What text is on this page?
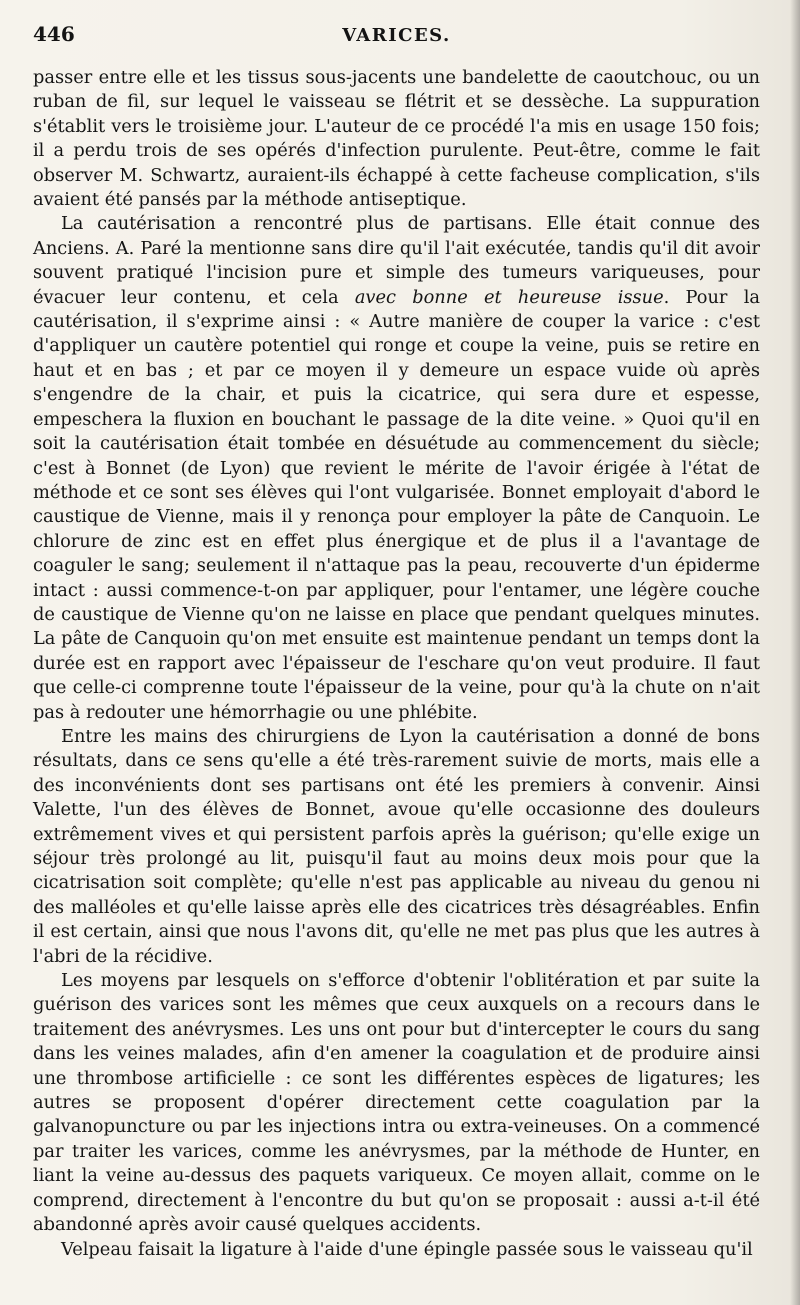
446	VARICES.

passer entre elle et les tissus sous-jacents une bandelette de caoutchouc, ou un ruban de fil, sur lequel le vaisseau se flétrit et se dessèche. La suppuration s'établit vers le troisième jour. L'auteur de ce procédé l'a mis en usage 150 fois; il a perdu trois de ses opérés d'infection purulente. Peut-être, comme le fait observer M. Schwartz, auraient-ils échappé à cette facheuse complication, s'ils avaient été pansés par la méthode antiseptique.

La cautérisation a rencontré plus de partisans. Elle était connue des Anciens. A. Paré la mentionne sans dire qu'il l'ait exécutée, tandis qu'il dit avoir souvent pratiqué l'incision pure et simple des tumeurs variqueuses, pour évacuer leur contenu, et cela avec bonne et heureuse issue. Pour la cautérisation, il s'exprime ainsi : « Autre manière de couper la varice : c'est d'appliquer un cautère potentiel qui ronge et coupe la veine, puis se retire en haut et en bas ; et par ce moyen il y demeure un espace vuide où après s'engendre de la chair, et puis la cicatrice, qui sera dure et espesse, empeschera la fluxion en bouchant le passage de la dite veine. » Quoi qu'il en soit la cautérisation était tombée en désuétude au commencement du siècle; c'est à Bonnet (de Lyon) que revient le mérite de l'avoir érigée à l'état de méthode et ce sont ses élèves qui l'ont vulgarisée. Bonnet employait d'abord le caustique de Vienne, mais il y renonça pour employer la pâte de Canquoin. Le chlorure de zinc est en effet plus énergique et de plus il a l'avantage de coaguler le sang; seulement il n'attaque pas la peau, recouverte d'un épiderme intact : aussi commence-t-on par appliquer, pour l'entamer, une légère couche de caustique de Vienne qu'on ne laisse en place que pendant quelques minutes. La pâte de Canquoin qu'on met ensuite est maintenue pendant un temps dont la durée est en rapport avec l'épaisseur de l'eschare qu'on veut produire. Il faut que celle-ci comprenne toute l'épaisseur de la veine, pour qu'à la chute on n'ait pas à redouter une hémorrhagie ou une phlébite.

Entre les mains des chirurgiens de Lyon la cautérisation a donné de bons résultats, dans ce sens qu'elle a été très-rarement suivie de morts, mais elle a des inconvénients dont ses partisans ont été les premiers à convenir. Ainsi Valette, l'un des élèves de Bonnet, avoue qu'elle occasionne des douleurs extrêmement vives et qui persistent parfois après la guérison; qu'elle exige un séjour très prolongé au lit, puisqu'il faut au moins deux mois pour que la cicatrisation soit complète; qu'elle n'est pas applicable au niveau du genou ni des malléoles et qu'elle laisse après elle des cicatrices très désagréables. Enfin il est certain, ainsi que nous l'avons dit, qu'elle ne met pas plus que les autres à l'abri de la récidive.

Les moyens par lesquels on s'efforce d'obtenir l'oblitération et par suite la guérison des varices sont les mêmes que ceux auxquels on a recours dans le traitement des anévrysmes. Les uns ont pour but d'intercepter le cours du sang dans les veines malades, afin d'en amener la coagulation et de produire ainsi une thrombose artificielle : ce sont les différentes espèces de ligatures; les autres se proposent d'opérer directement cette coagulation par la galvanopuncture ou par les injections intra ou extra-veineuses. On a commencé par traiter les varices, comme les anévrysmes, par la méthode de Hunter, en liant la veine au-dessus des paquets variqueux. Ce moyen allait, comme on le comprend, directement à l'encontre du but qu'on se proposait : aussi a-t-il été abandonné après avoir causé quelques accidents.

Velpeau faisait la ligature à l'aide d'une épingle passée sous le vaisseau qu'il
